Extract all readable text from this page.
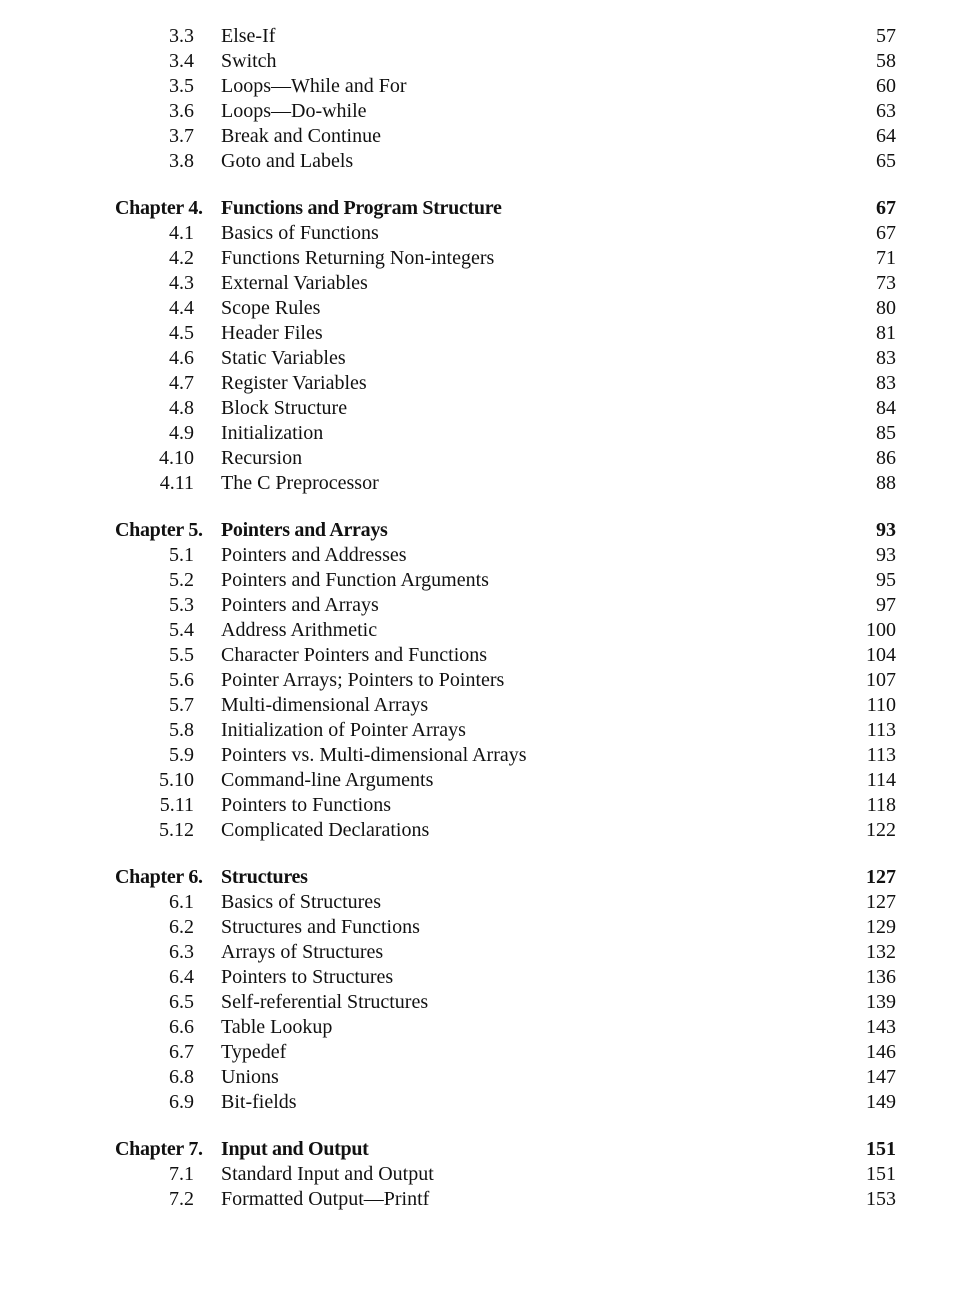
3.3 Else-If	57
3.4 Switch	58
3.5 Loops—While and For	60
3.6 Loops—Do-while	63
3.7 Break and Continue	64
3.8 Goto and Labels	65
Chapter 4. Functions and Program Structure	67
4.1 Basics of Functions	67
4.2 Functions Returning Non-integers	71
4.3 External Variables	73
4.4 Scope Rules	80
4.5 Header Files	81
4.6 Static Variables	83
4.7 Register Variables	83
4.8 Block Structure	84
4.9 Initialization	85
4.10 Recursion	86
4.11 The C Preprocessor	88
Chapter 5. Pointers and Arrays	93
5.1 Pointers and Addresses	93
5.2 Pointers and Function Arguments	95
5.3 Pointers and Arrays	97
5.4 Address Arithmetic	100
5.5 Character Pointers and Functions	104
5.6 Pointer Arrays; Pointers to Pointers	107
5.7 Multi-dimensional Arrays	110
5.8 Initialization of Pointer Arrays	113
5.9 Pointers vs. Multi-dimensional Arrays	113
5.10 Command-line Arguments	114
5.11 Pointers to Functions	118
5.12 Complicated Declarations	122
Chapter 6. Structures	127
6.1 Basics of Structures	127
6.2 Structures and Functions	129
6.3 Arrays of Structures	132
6.4 Pointers to Structures	136
6.5 Self-referential Structures	139
6.6 Table Lookup	143
6.7 Typedef	146
6.8 Unions	147
6.9 Bit-fields	149
Chapter 7. Input and Output	151
7.1 Standard Input and Output	151
7.2 Formatted Output—Printf	153
